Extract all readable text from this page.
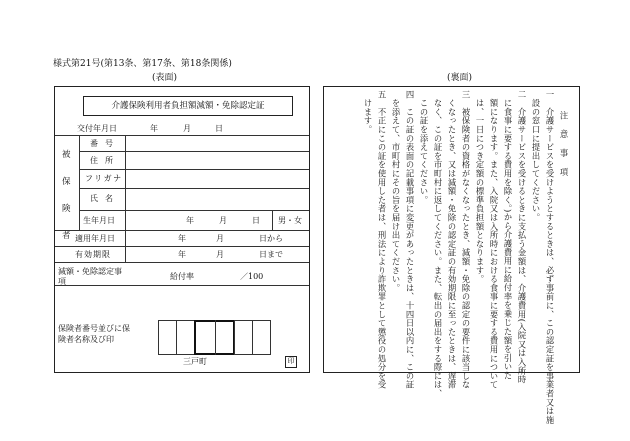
様式第21号(第13条、第17条、第18条関係)
(表面)	(裏面)
介護保険利用者負担額減額・免除認定証
交付年月日	年	月	日
被
保
険
者
番号
住所
フリガナ
氏名
生年月日	年	月	日 男・女
適用年月日	年	月	日から
有効期限	年	月	日まで
減額・免除認定事項
給付率	／100
保険者番号並びに保険者名称及び印
三戸町	印
注 意 事 項
一　介護サービスを受けようとするときは、必ず事前に、この認定証を事業者又は施
　設の窓口に提出してください。
二　介護サービスを受けるときに支払う金額は、介護費用(入院又は入所時
　に食事に要する費用を除く。)から介護費用に給付率を乗じた額を引いた
　額になります。また、入院又は入所時における食事に要する費用について
　は、一日につき定額の標準負担額となります。
三　被保険者の資格がなくなったとき、減額・免除の認定の要件に該当しな
　くなったとき、又は減額・免除の認定証の有効期限に至ったときは、遅滞
　なく、この証を市町村に返してください。また、転出の届出をする際には、
　この証を添えてください。
四　この証の表面の記載事項に変更があったときは、十四日以内に、この証
　を添えて、市町村にその旨を届け出てください。
五　不正にこの証を使用した者は、刑法により詐欺罪として懲役の処分を受
　けます。
